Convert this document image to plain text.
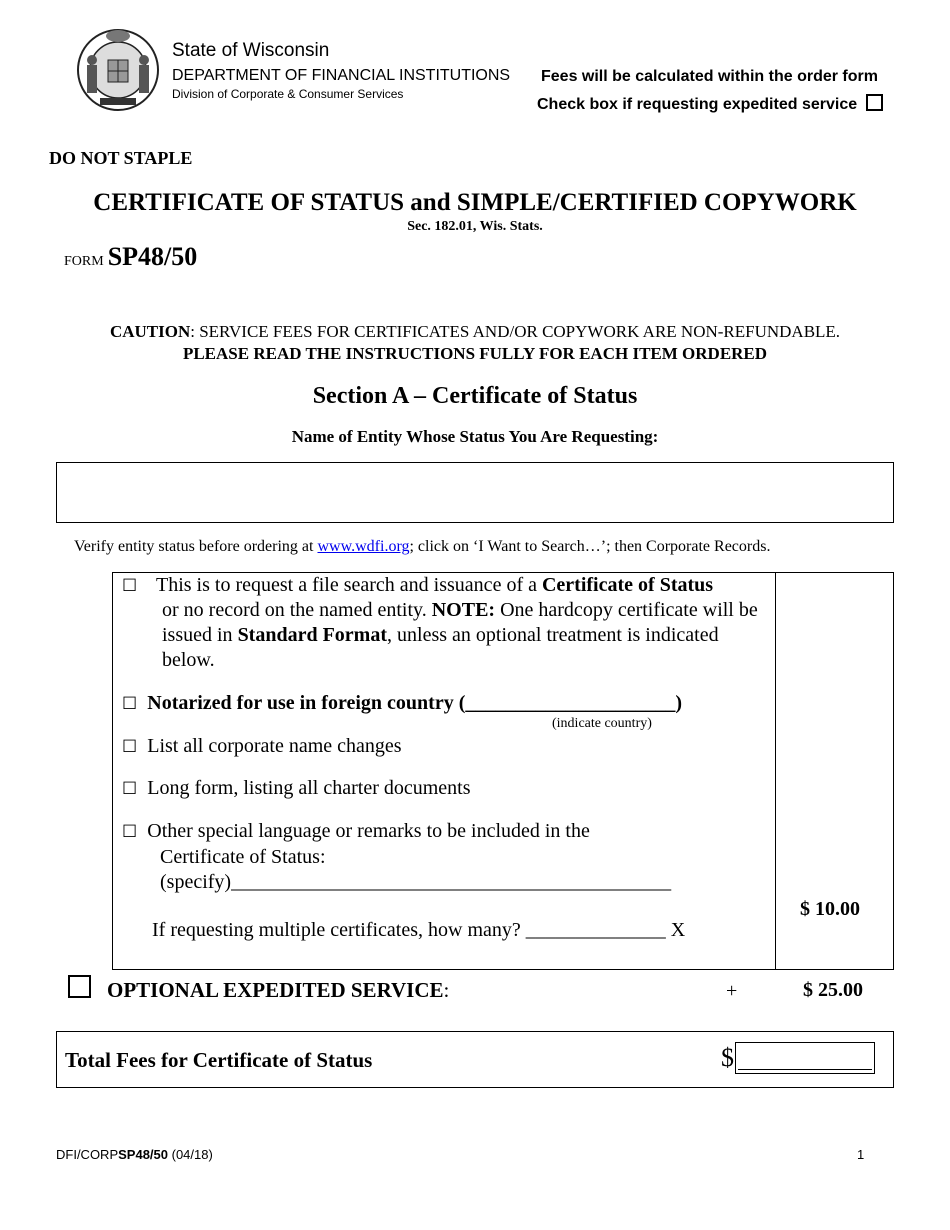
State of Wisconsin
DEPARTMENT OF FINANCIAL INSTITUTIONS
Division of Corporate & Consumer Services
Fees will be calculated within the order form
Check box if requesting expedited service
DO NOT STAPLE
CERTIFICATE OF STATUS and SIMPLE/CERTIFIED COPYWORK
Sec. 182.01, Wis. Stats.
FORM SP48/50
CAUTION: SERVICE FEES FOR CERTIFICATES AND/OR COPYWORK ARE NON-REFUNDABLE.
PLEASE READ THE INSTRUCTIONS FULLY FOR EACH ITEM ORDERED
Section A – Certificate of Status
Name of Entity Whose Status You Are Requesting:
Verify entity status before ordering at www.wdfi.org; click on ‘I Want to Search…’; then Corporate Records.
☐ This is to request a file search and issuance of a Certificate of Status
or no record on the named entity. NOTE: One hardcopy certificate will be issued in Standard Format, unless an optional treatment is indicated below.
☐ Notarized for use in foreign country (_____________________)
(indicate country)
☐ List all corporate name changes
☐ Long form, listing all charter documents
☐ Other special language or remarks to be included in the
Certificate of Status:
(specify)____________________________________________
If requesting multiple certificates, how many? ______________ X
$ 10.00
OPTIONAL EXPEDITED SERVICE:	+	$ 25.00
Total Fees for Certificate of Status	$
DFI/CORPSP48/50 (04/18)	1
